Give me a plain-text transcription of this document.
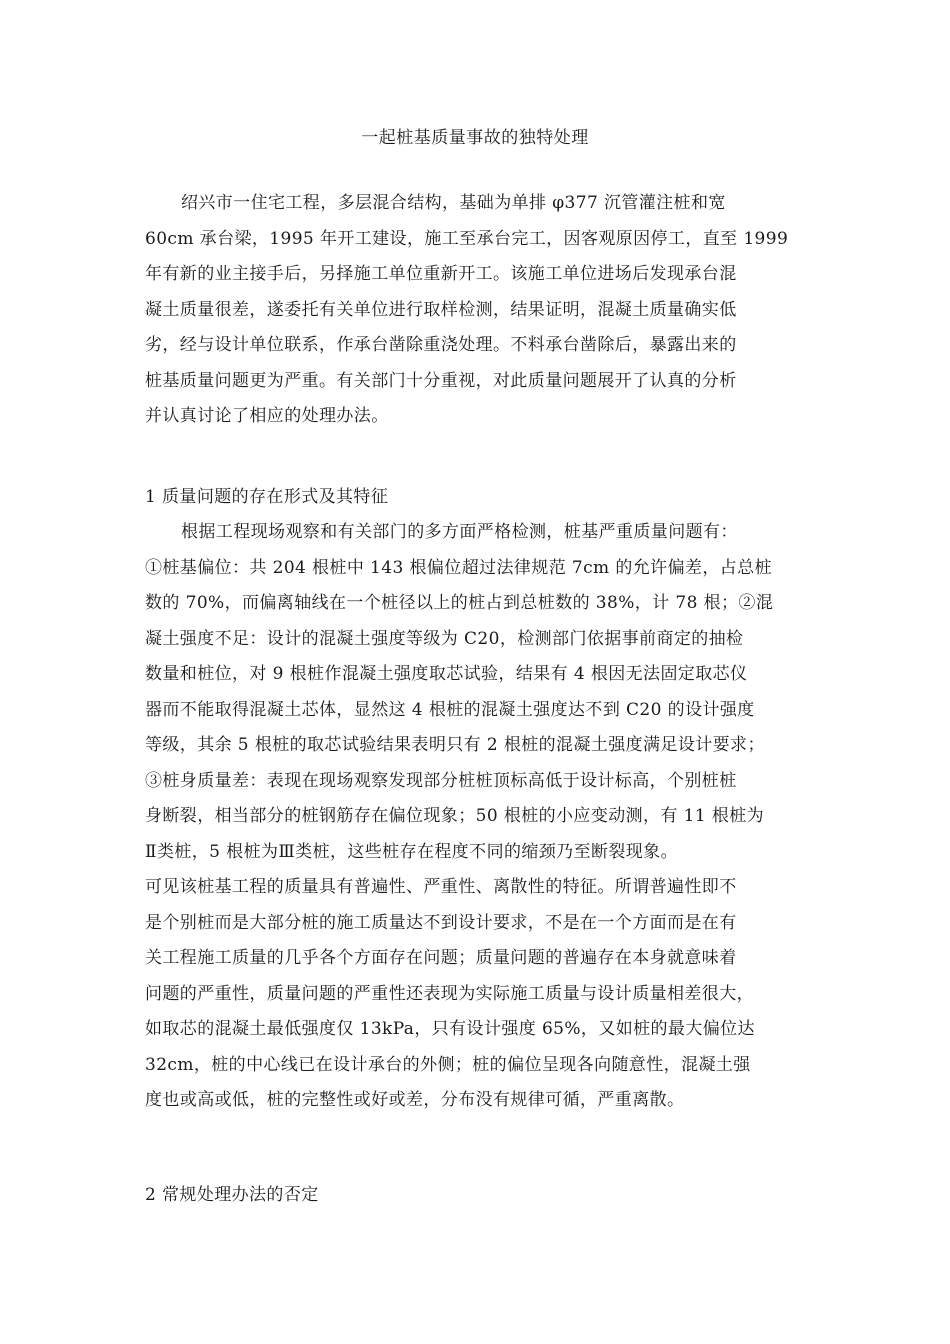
一起桩基质量事故的独特处理
绍兴市一住宅工程，多层混合结构，基础为单排 φ377 沉管灌注桩和宽
60cm 承台梁，1995 年开工建设，施工至承台完工，因客观原因停工，直至 1999
年有新的业主接手后，另择施工单位重新开工。该施工单位进场后发现承台混
凝土质量很差，遂委托有关单位进行取样检测，结果证明，混凝土质量确实低
劣，经与设计单位联系，作承台凿除重浇处理。不料承台凿除后，暴露出来的
桩基质量问题更为严重。有关部门十分重视，对此质量问题展开了认真的分析
并认真讨论了相应的处理办法。
1 质量问题的存在形式及其特征
根据工程现场观察和有关部门的多方面严格检测，桩基严重质量问题有：
①桩基偏位：共 204 根桩中 143 根偏位超过法律规范 7cm 的允许偏差，占总桩
数的 70%，而偏离轴线在一个桩径以上的桩占到总桩数的 38%，计 78 根；②混
凝土强度不足：设计的混凝土强度等级为 C20，检测部门依据事前商定的抽检
数量和桩位，对 9 根桩作混凝土强度取芯试验，结果有 4 根因无法固定取芯仪
器而不能取得混凝土芯体，显然这 4 根桩的混凝土强度达不到 C20 的设计强度
等级，其余 5 根桩的取芯试验结果表明只有 2 根桩的混凝土强度满足设计要求；
③桩身质量差：表现在现场观察发现部分桩桩顶标高低于设计标高，个别桩桩
身断裂，相当部分的桩钢筋存在偏位现象；50 根桩的小应变动测，有 11 根桩为
Ⅱ类桩，5 根桩为Ⅲ类桩，这些桩存在程度不同的缩颈乃至断裂现象。
可见该桩基工程的质量具有普遍性、严重性、离散性的特征。所谓普遍性即不
是个别桩而是大部分桩的施工质量达不到设计要求，不是在一个方面而是在有
关工程施工质量的几乎各个方面存在问题；质量问题的普遍存在本身就意味着
问题的严重性，质量问题的严重性还表现为实际施工质量与设计质量相差很大，
如取芯的混凝土最低强度仅 13kPa，只有设计强度 65%，又如桩的最大偏位达
32cm，桩的中心线已在设计承台的外侧；桩的偏位呈现各向随意性，混凝土强
度也或高或低，桩的完整性或好或差，分布没有规律可循，严重离散。
2 常规处理办法的否定
